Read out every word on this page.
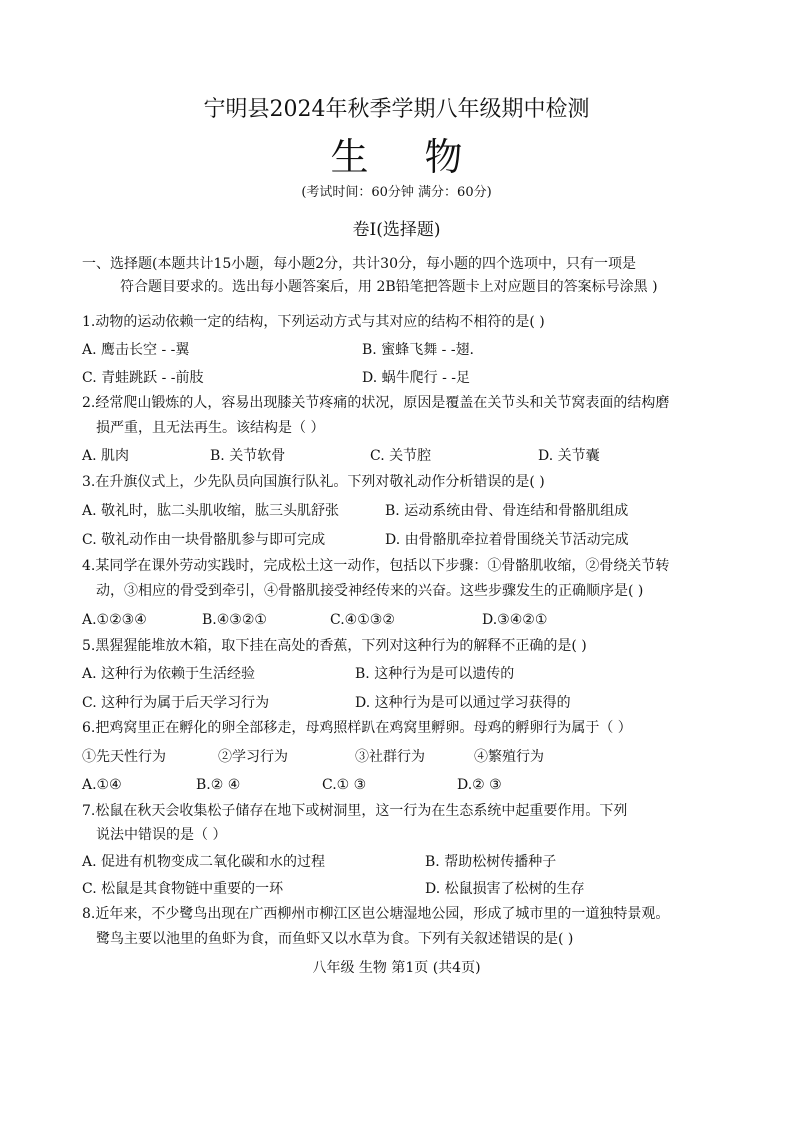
宁明县2024年秋季学期八年级期中检测
生物
(考试时间：60分钟 满分：60分)
卷Ⅰ(选择题)
一、选择题(本题共计15小题，每小题2分，共计30分，每小题的四个选项中，只有一项是
符合题目要求的。选出每小题答案后，用 2B铅笔把答题卡上对应题目的答案标号涂黑 )
1.动物的运动依赖一定的结构，下列运动方式与其对应的结构不相符的是( )
A. 鹰击长空 - -翼	B. 蜜蜂飞舞 - -翅.
C. 青蛙跳跃 - -前肢	D. 蜗牛爬行 - -足
2.经常爬山锻炼的人，容易出现膝关节疼痛的状况，原因是覆盖在关节头和关节窝表面的结构磨
损严重，且无法再生。该结构是（ ）
A. 肌肉	B. 关节软骨	C. 关节腔	D. 关节囊
3.在升旗仪式上，少先队员向国旗行队礼。下列对敬礼动作分析错误的是( )
A. 敬礼时，肱二头肌收缩，肱三头肌舒张	B. 运动系统由骨、骨连结和骨骼肌组成
C. 敬礼动作由一块骨骼肌参与即可完成	D. 由骨骼肌牵拉着骨围绕关节活动完成
4.某同学在课外劳动实践时，完成松土这一动作，包括以下步骤：①骨骼肌收缩，②骨绕关节转
动，③相应的骨受到牵引，④骨骼肌接受神经传来的兴奋。这些步骤发生的正确顺序是( )
A.①②③④	B.④③②①	C.④①③②	D.③④②①
5.黑猩猩能堆放木箱，取下挂在高处的香蕉，下列对这种行为的解释不正确的是( )
A. 这种行为依赖于生活经验	B. 这种行为是可以遗传的
C. 这种行为属于后天学习行为	D. 这种行为是可以通过学习获得的
6.把鸡窝里正在孵化的卵全部移走，母鸡照样趴在鸡窝里孵卵。母鸡的孵卵行为属于（ ）
①先天性行为	②学习行为	③社群行为	④繁殖行为
A.①④	B.② ④	C.① ③	D.② ③
7.松鼠在秋天会收集松子储存在地下或树洞里，这一行为在生态系统中起重要作用。下列
说法中错误的是（ ）
A. 促进有机物变成二氧化碳和水的过程	B. 帮助松树传播种子
C. 松鼠是其食物链中重要的一环	D. 松鼠损害了松树的生存
8.近年来，不少鹭鸟出现在广西柳州市柳江区岜公塘湿地公园，形成了城市里的一道独特景观。
鹭鸟主要以池里的鱼虾为食，而鱼虾又以水草为食。下列有关叙述错误的是( )
八年级 生物 第1页 (共4页)
